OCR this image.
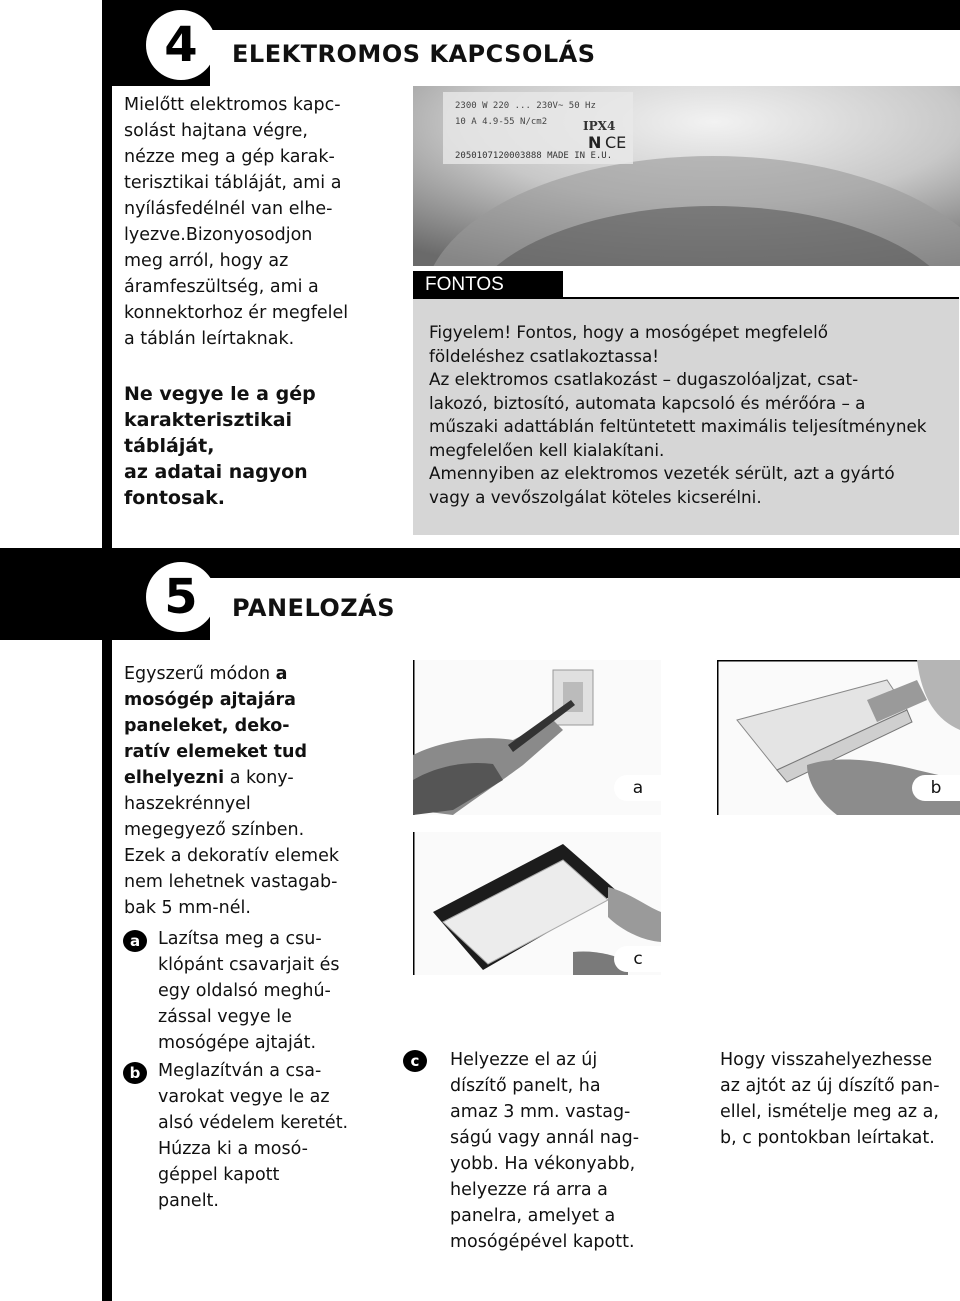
4	ELEKTROMOS KAPCSOLÁS

Mielőtt elektromos kapc-

solást hajtana végre,

nézze meg a gép karak-

terisztikai tábláját, ami a

nyílásfedélnél van elhe-

lyezve.Bizonyosodjon

meg arról, hogy az

áramfeszültség, ami a

konnektorhoz ér megfelel

a táblán leírtaknak.

Ne vegye le a gép

karakterisztikai

tábláját,

az adatai nagyon

fontosak.

2300 W 220 ... 230V~ 50 Hz
10 A 4.9-55 N/cm2
2050107120003888 MADE IN E.U.
IPX4
N CE
FONTOS

Figyelem! Fontos, hogy a mosógépet megfelelő

földeléshez csatlakoztassa!

Az elektromos csatlakozást – dugaszolóaljzat, csat-

lakozó, biztosító, automata kapcsoló és mérőóra – a

műszaki adattáblán feltüntetett maximális teljesítménynek

megfelelően kell kialakítani.

Amennyiben az elektromos vezeték sérült, azt a gyártó

vagy a vevőszolgálat köteles kicserélni.

5	PANELOZÁS

Egyszerű módon a

mosógép ajtajára

paneleket, deko-

ratív elemeket tud

elhelyezni a kony-

haszekrénnyel

megegyező színben.

Ezek a dekoratív elemek

nem lehetnek vastagab-

bak 5 mm-nél.

a	Lazítsa meg a csu-

klópánt csavarjait és

egy oldalsó meghú-

zással vegye le

mosógépe ajtaját.

b	Meglazítván a csa-

varokat vegye le az

alsó védelem keretét.

Húzza ki a mosó-

géppel kapott

panelt.

a	b
c
c	Helyezze el az új

díszítő panelt, ha

amaz 3 mm. vastag-

ságú vagy annál nag-

yobb. Ha vékonyabb,

helyezze rá arra a

panelra, amelyet a

mosógépével kapott.

Hogy visszahelyezhesse

az ajtót az új díszítő pan-

ellel, ismételje meg az a,

b, c pontokban leírtakat.
